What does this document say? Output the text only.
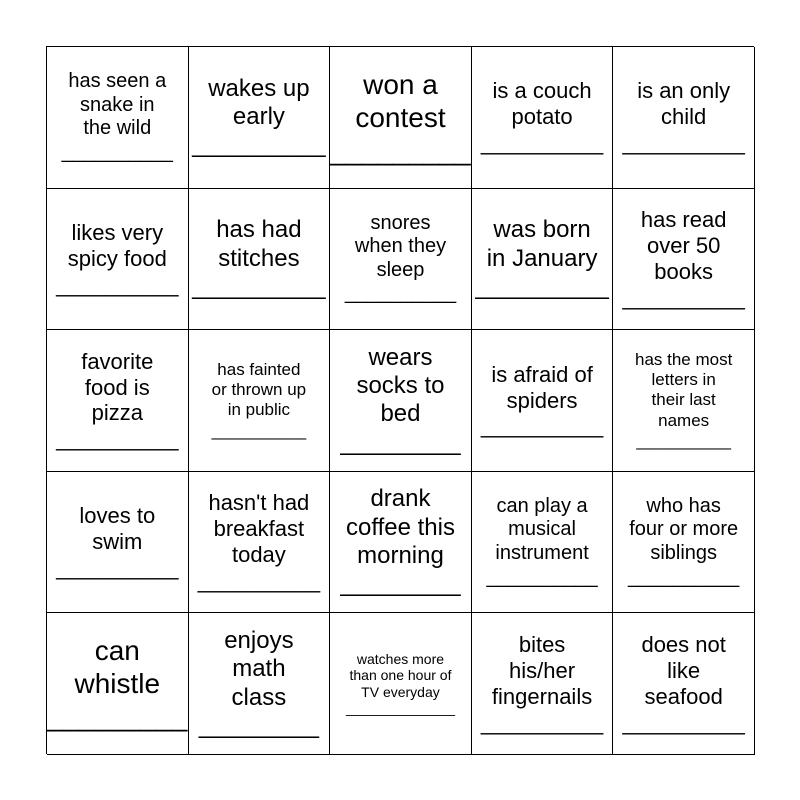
has seen a
snake in
the wild
__________
wakes up
early
__________
won a
contest
_________
is a couch
potato
__________
is an only
child
__________
likes very
spicy food
__________
has had
stitches
__________
snores
when they
sleep
__________
was born
in January
__________
has read
over 50
books
__________
favorite
food is
pizza
__________
has fainted
or thrown up
in public
__________
wears
socks to
bed
_________
is afraid of
spiders
__________
has the most
letters in
their last
names
__________
loves to
swim
__________
hasn't had
breakfast
today
__________
drank
coffee this
morning
_________
can play a
musical
instrument
__________
who has
four or more
siblings
__________
can
whistle
_________
enjoys
math
class
_________
watches more
than one hour of
TV everyday
______________
bites
his/her
fingernails
__________
does not
like
seafood
__________
